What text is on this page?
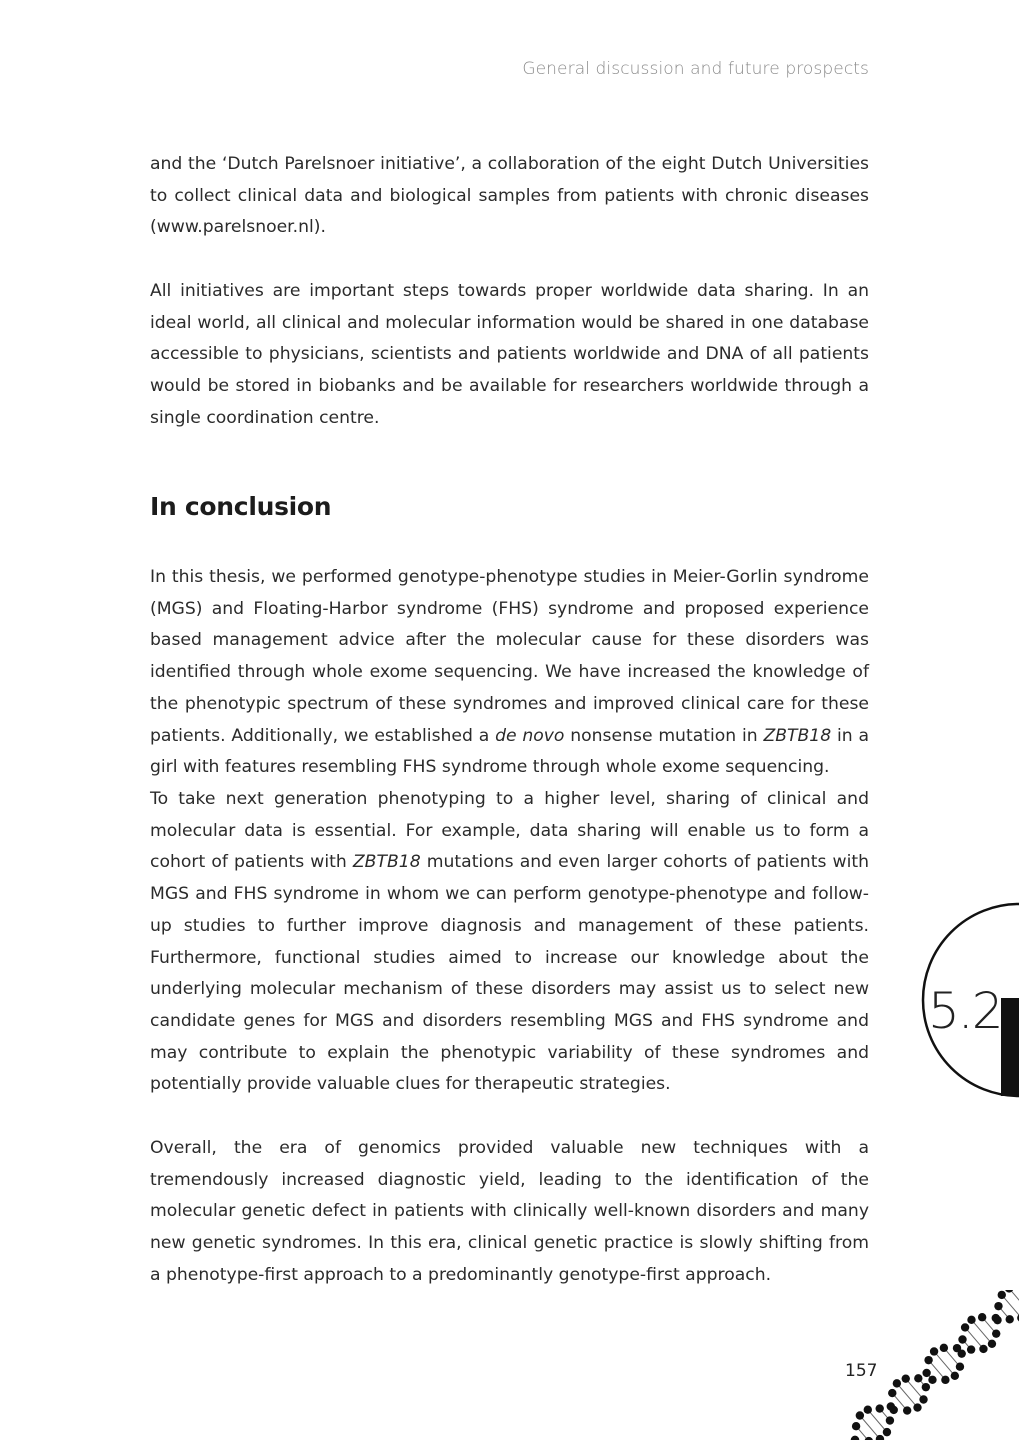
General discussion and future prospects

and the ‘Dutch Parelsnoer initiative’, a collaboration of the eight Dutch Universities to collect clinical data and biological samples from patients with chronic diseases (www.parelsnoer.nl).

All initiatives are important steps towards proper worldwide data sharing. In an ideal world, all clinical and molecular information would be shared in one database accessible to physicians, scientists and patients worldwide and DNA of all patients would be stored in biobanks and be available for researchers worldwide through a single coordination centre.

In conclusion

In this thesis, we performed genotype-phenotype studies in Meier-Gorlin syndrome (MGS) and Floating-Harbor syndrome (FHS) syndrome and proposed experience based management advice after the molecular cause for these disorders was identified through whole exome sequencing. We have increased the knowledge of the phenotypic spectrum of these syndromes and improved clinical care for these patients. Additionally, we established a de novo nonsense mutation in ZBTB18 in a girl with features resembling FHS syndrome through whole exome sequencing.

To take next generation phenotyping to a higher level, sharing of clinical and molecular data is essential. For example, data sharing will enable us to form a cohort of patients with ZBTB18 mutations and even larger cohorts of patients with MGS and FHS syndrome in whom we can perform genotype-phenotype and follow-up studies to further improve diagnosis and management of these patients. Furthermore, functional studies aimed to increase our knowledge about the underlying molecular mechanism of these disorders may assist us to select new candidate genes for MGS and disorders resembling MGS and FHS syndrome and may contribute to explain the phenotypic variability of these syndromes and potentially provide valuable clues for therapeutic strategies.

Overall, the era of genomics provided valuable new techniques with a tremendously increased diagnostic yield, leading to the identification of the molecular genetic defect in patients with clinically well-known disorders and many new genetic syndromes. In this era, clinical genetic practice is slowly shifting from a phenotype-first approach to a predominantly genotype-first approach.

5.2
157
